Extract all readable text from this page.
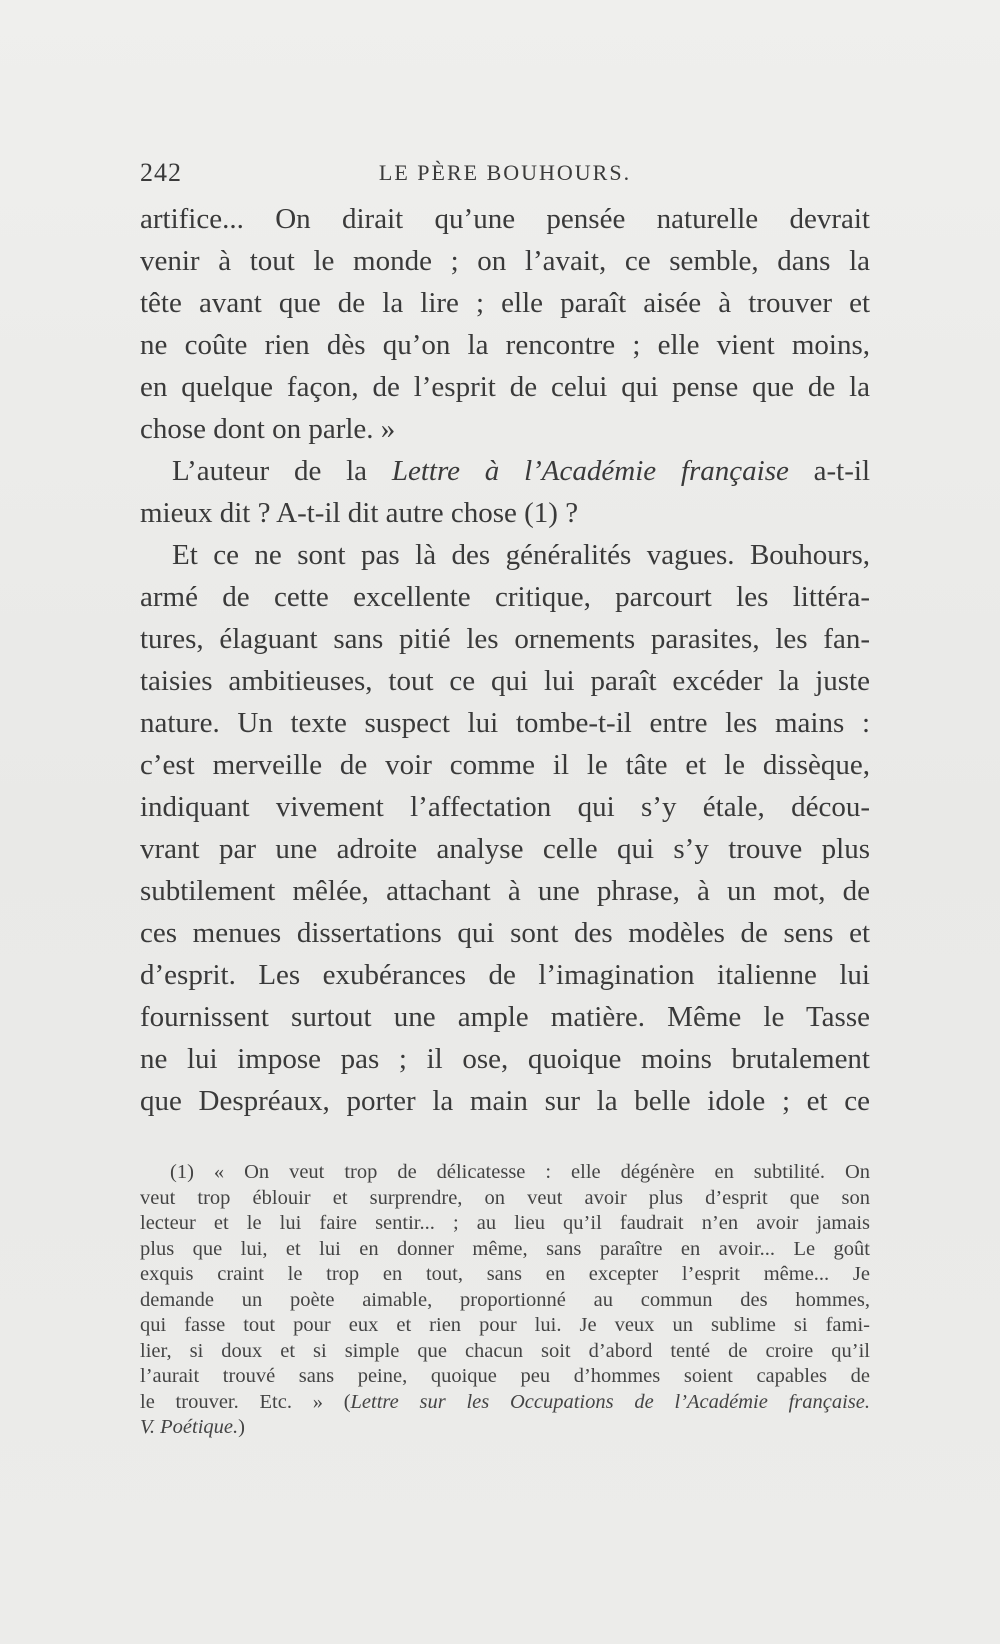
242	LE PÈRE BOUHOURS.
artifice... On dirait qu’une pensée naturelle devrait
venir à tout le monde ; on l’avait, ce semble, dans la
tête avant que de la lire ; elle paraît aisée à trouver et
ne coûte rien dès qu’on la rencontre ; elle vient moins,
en quelque façon, de l’esprit de celui qui pense que de la
chose dont on parle. »
L’auteur de la Lettre à l’Académie française a-t-il
mieux dit ? A-t-il dit autre chose (1) ?
Et ce ne sont pas là des généralités vagues. Bouhours,
armé de cette excellente critique, parcourt les littéra-
tures, élaguant sans pitié les ornements parasites, les fan-
taisies ambitieuses, tout ce qui lui paraît excéder la juste
nature. Un texte suspect lui tombe-t-il entre les mains :
c’est merveille de voir comme il le tâte et le dissèque,
indiquant vivement l’affectation qui s’y étale, décou-
vrant par une adroite analyse celle qui s’y trouve plus
subtilement mêlée, attachant à une phrase, à un mot, de
ces menues dissertations qui sont des modèles de sens et
d’esprit. Les exubérances de l’imagination italienne lui
fournissent surtout une ample matière. Même le Tasse
ne lui impose pas ; il ose, quoique moins brutalement
que Despréaux, porter la main sur la belle idole ; et ce
(1) « On veut trop de délicatesse : elle dégénère en subtilité. On
veut trop éblouir et surprendre, on veut avoir plus d’esprit que son
lecteur et le lui faire sentir... ; au lieu qu’il faudrait n’en avoir jamais
plus que lui, et lui en donner même, sans paraître en avoir... Le goût
exquis craint le trop en tout, sans en excepter l’esprit même... Je
demande un poète aimable, proportionné au commun des hommes,
qui fasse tout pour eux et rien pour lui. Je veux un sublime si fami-
lier, si doux et si simple que chacun soit d’abord tenté de croire qu’il
l’aurait trouvé sans peine, quoique peu d’hommes soient capables de
le trouver. Etc. » (Lettre sur les Occupations de l’Académie française.
V. Poétique.)
